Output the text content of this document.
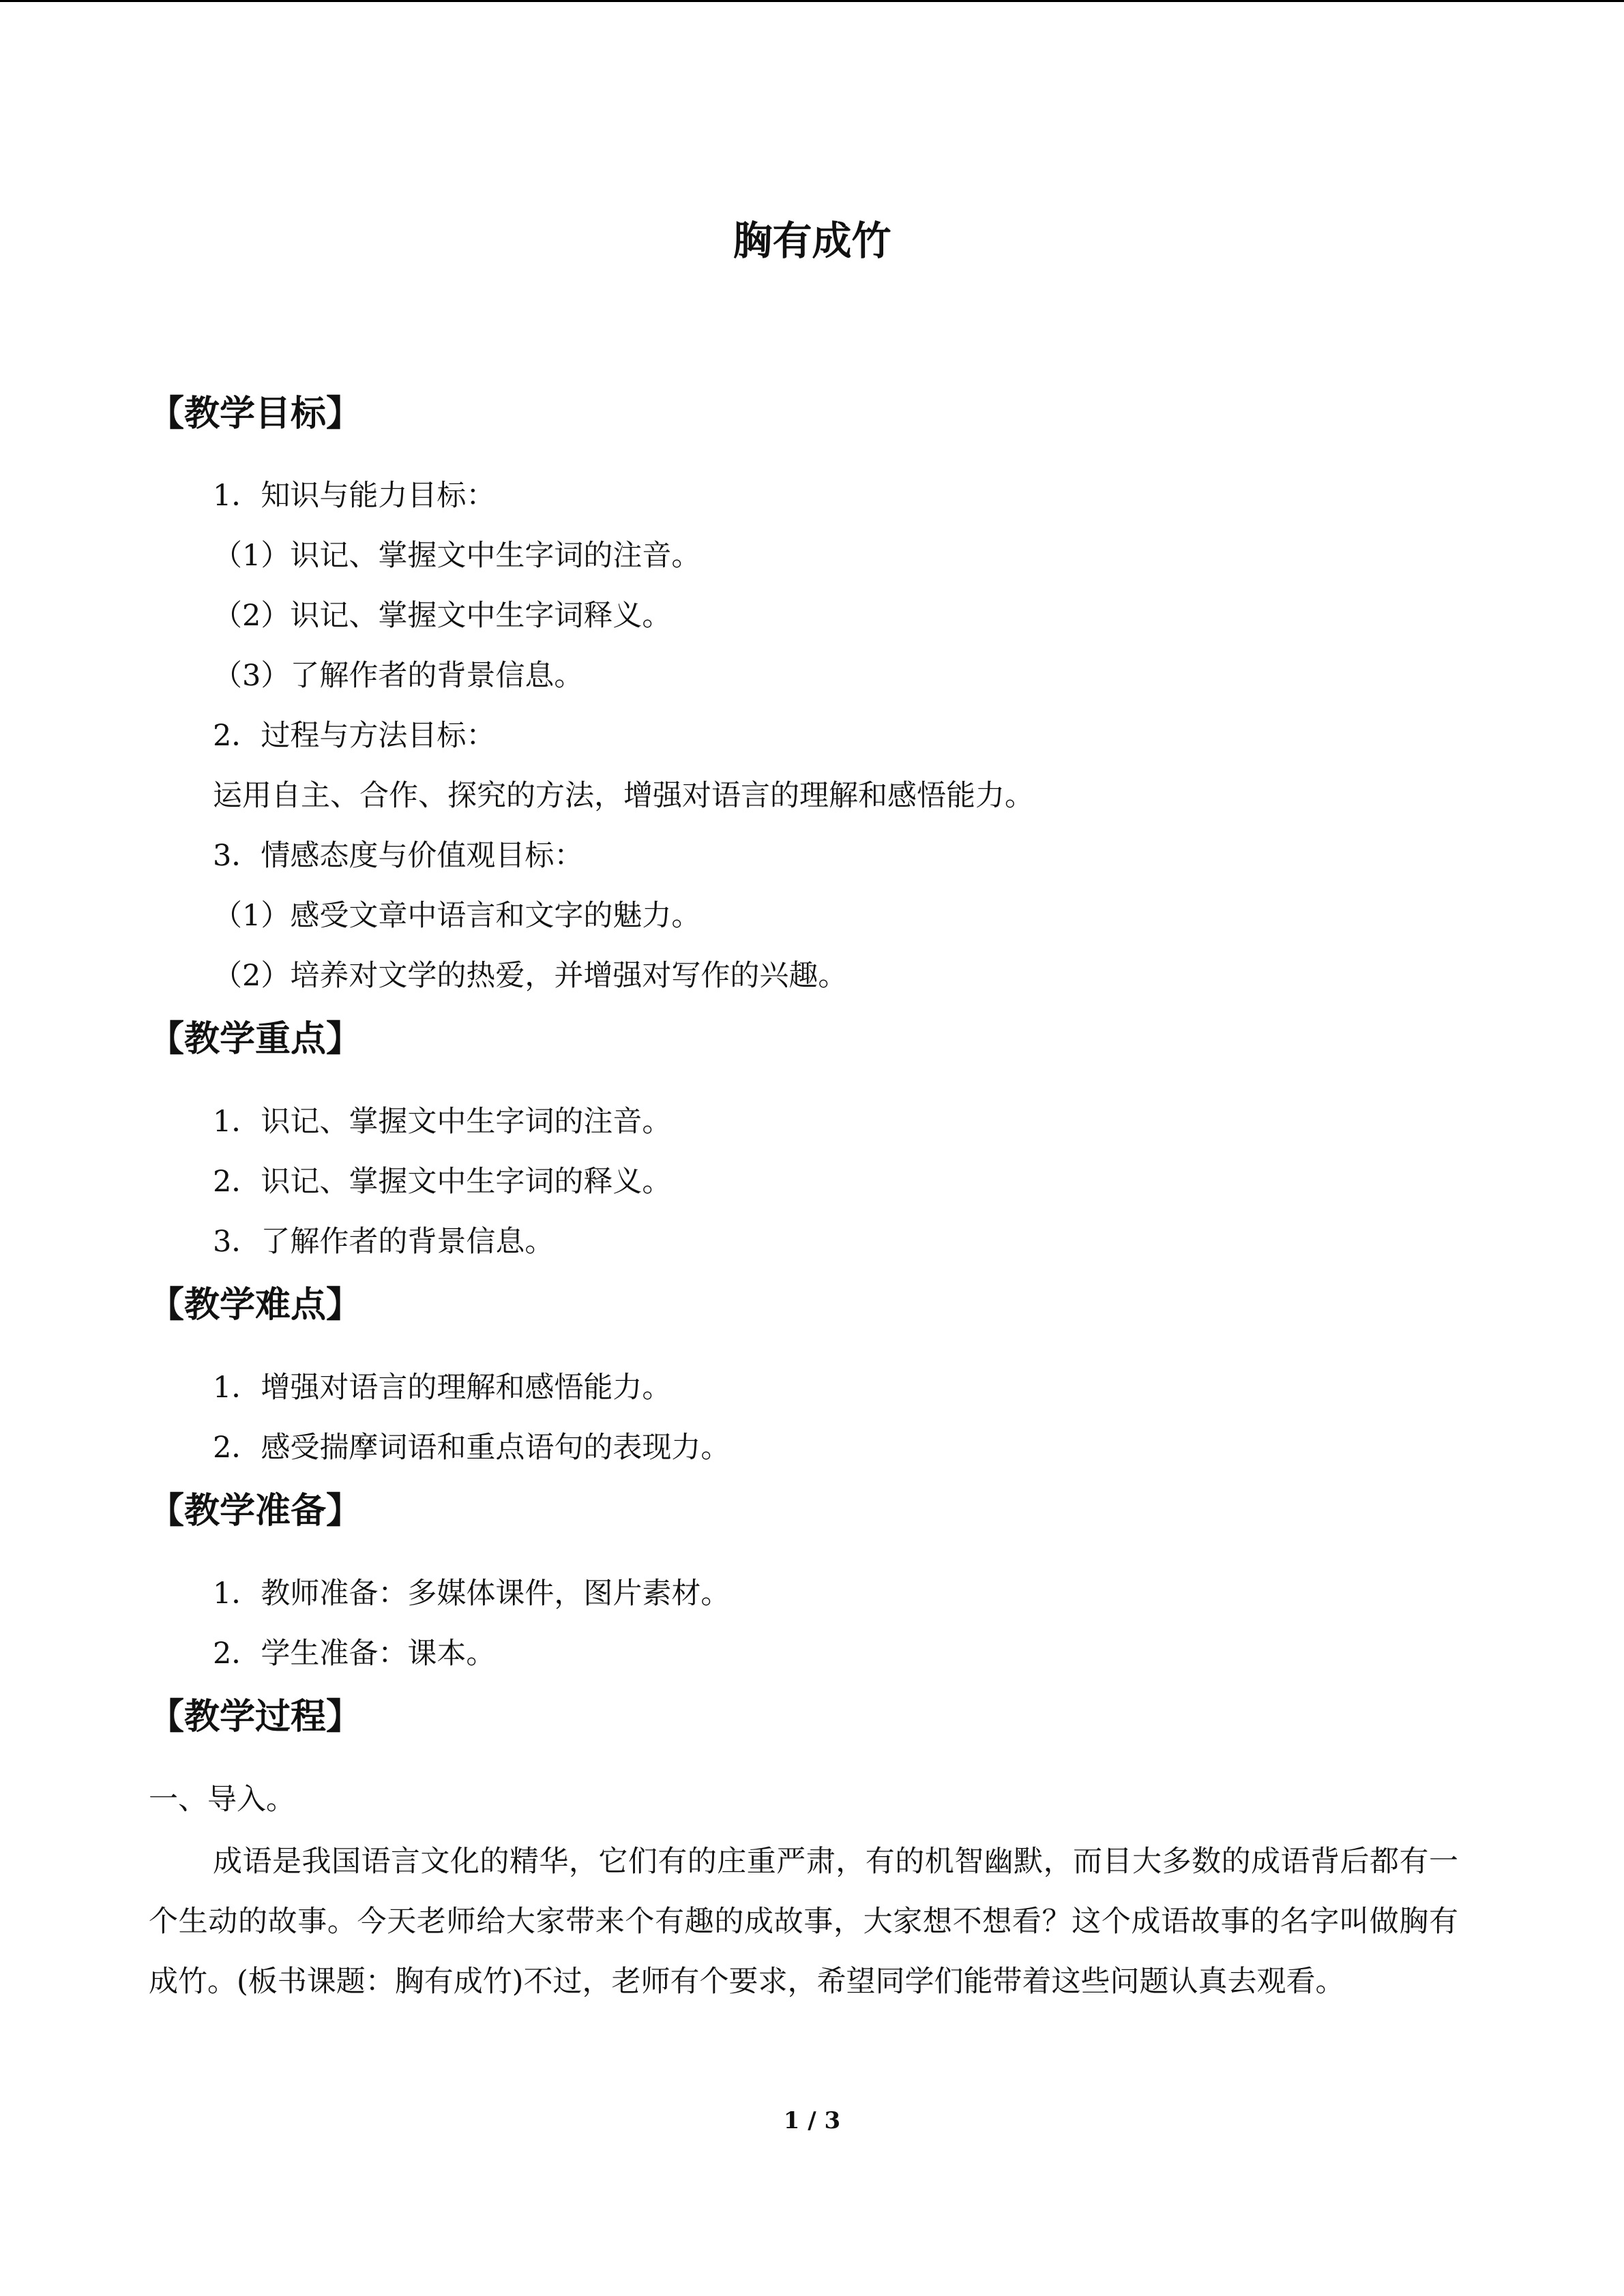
胸有成竹
【教学目标】
1．知识与能力目标：
（1）识记、掌握文中生字词的注音。
（2）识记、掌握文中生字词释义。
（3）了解作者的背景信息。
2．过程与方法目标：
运用自主、合作、探究的方法，增强对语言的理解和感悟能力。
3．情感态度与价值观目标：
（1）感受文章中语言和文字的魅力。
（2）培养对文学的热爱，并增强对写作的兴趣。
【教学重点】
1．识记、掌握文中生字词的注音。
2．识记、掌握文中生字词的释义。
3．了解作者的背景信息。
【教学难点】
1．增强对语言的理解和感悟能力。
2．感受揣摩词语和重点语句的表现力。
【教学准备】
1．教师准备：多媒体课件，图片素材。
2．学生准备：课本。
【教学过程】
一、导入。
成语是我国语言文化的精华，它们有的庄重严肃，有的机智幽默，而目大多数的成语背后都有一个生动的故事。今天老师给大家带来个有趣的成故事，大家想不想看？这个成语故事的名字叫做胸有成竹。(板书课题：胸有成竹)不过，老师有个要求，希望同学们能带着这些问题认真去观看。
1 / 3
